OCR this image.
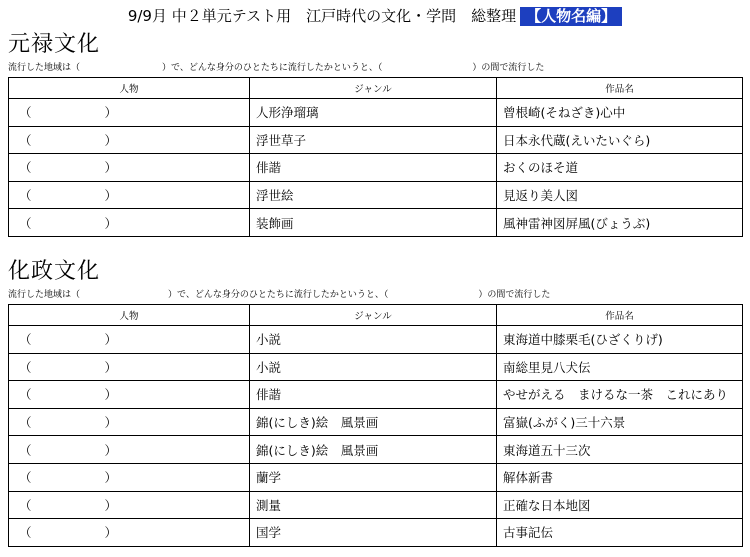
9/9月 中２単元テスト用　江戸時代の文化・学問　総整理 【人物名編】
元禄文化
流行した地域は（	）で、どんな身分のひとたちに流行したかというと、（	）の間で流行した
人物	ジャンル	作品名

（ ）	人形浄瑠璃	曾根崎(そねざき)心中

（ ）	浮世草子	日本永代蔵(えいたいぐら)

（ ）	俳諧	おくのほそ道

（ ）	浮世絵	見返り美人図

（ ）	装飾画	風神雷神図屏風(びょうぶ)
化政文化
流行した地域は（	）で、どんな身分のひとたちに流行したかというと、（	）の間で流行した
人物	ジャンル	作品名

（ ）	小説	東海道中膝栗毛(ひざくりげ)

（ ）	小説	南総里見八犬伝

（ ）	俳諧	やせがえる　まけるな一茶　これにあり

（ ）	錦(にしき)絵　風景画	富嶽(ふがく)三十六景

（ ）	錦(にしき)絵　風景画	東海道五十三次

（ ）	蘭学	解体新書

（ ）	測量	正確な日本地図

（ ）	国学	古事記伝
